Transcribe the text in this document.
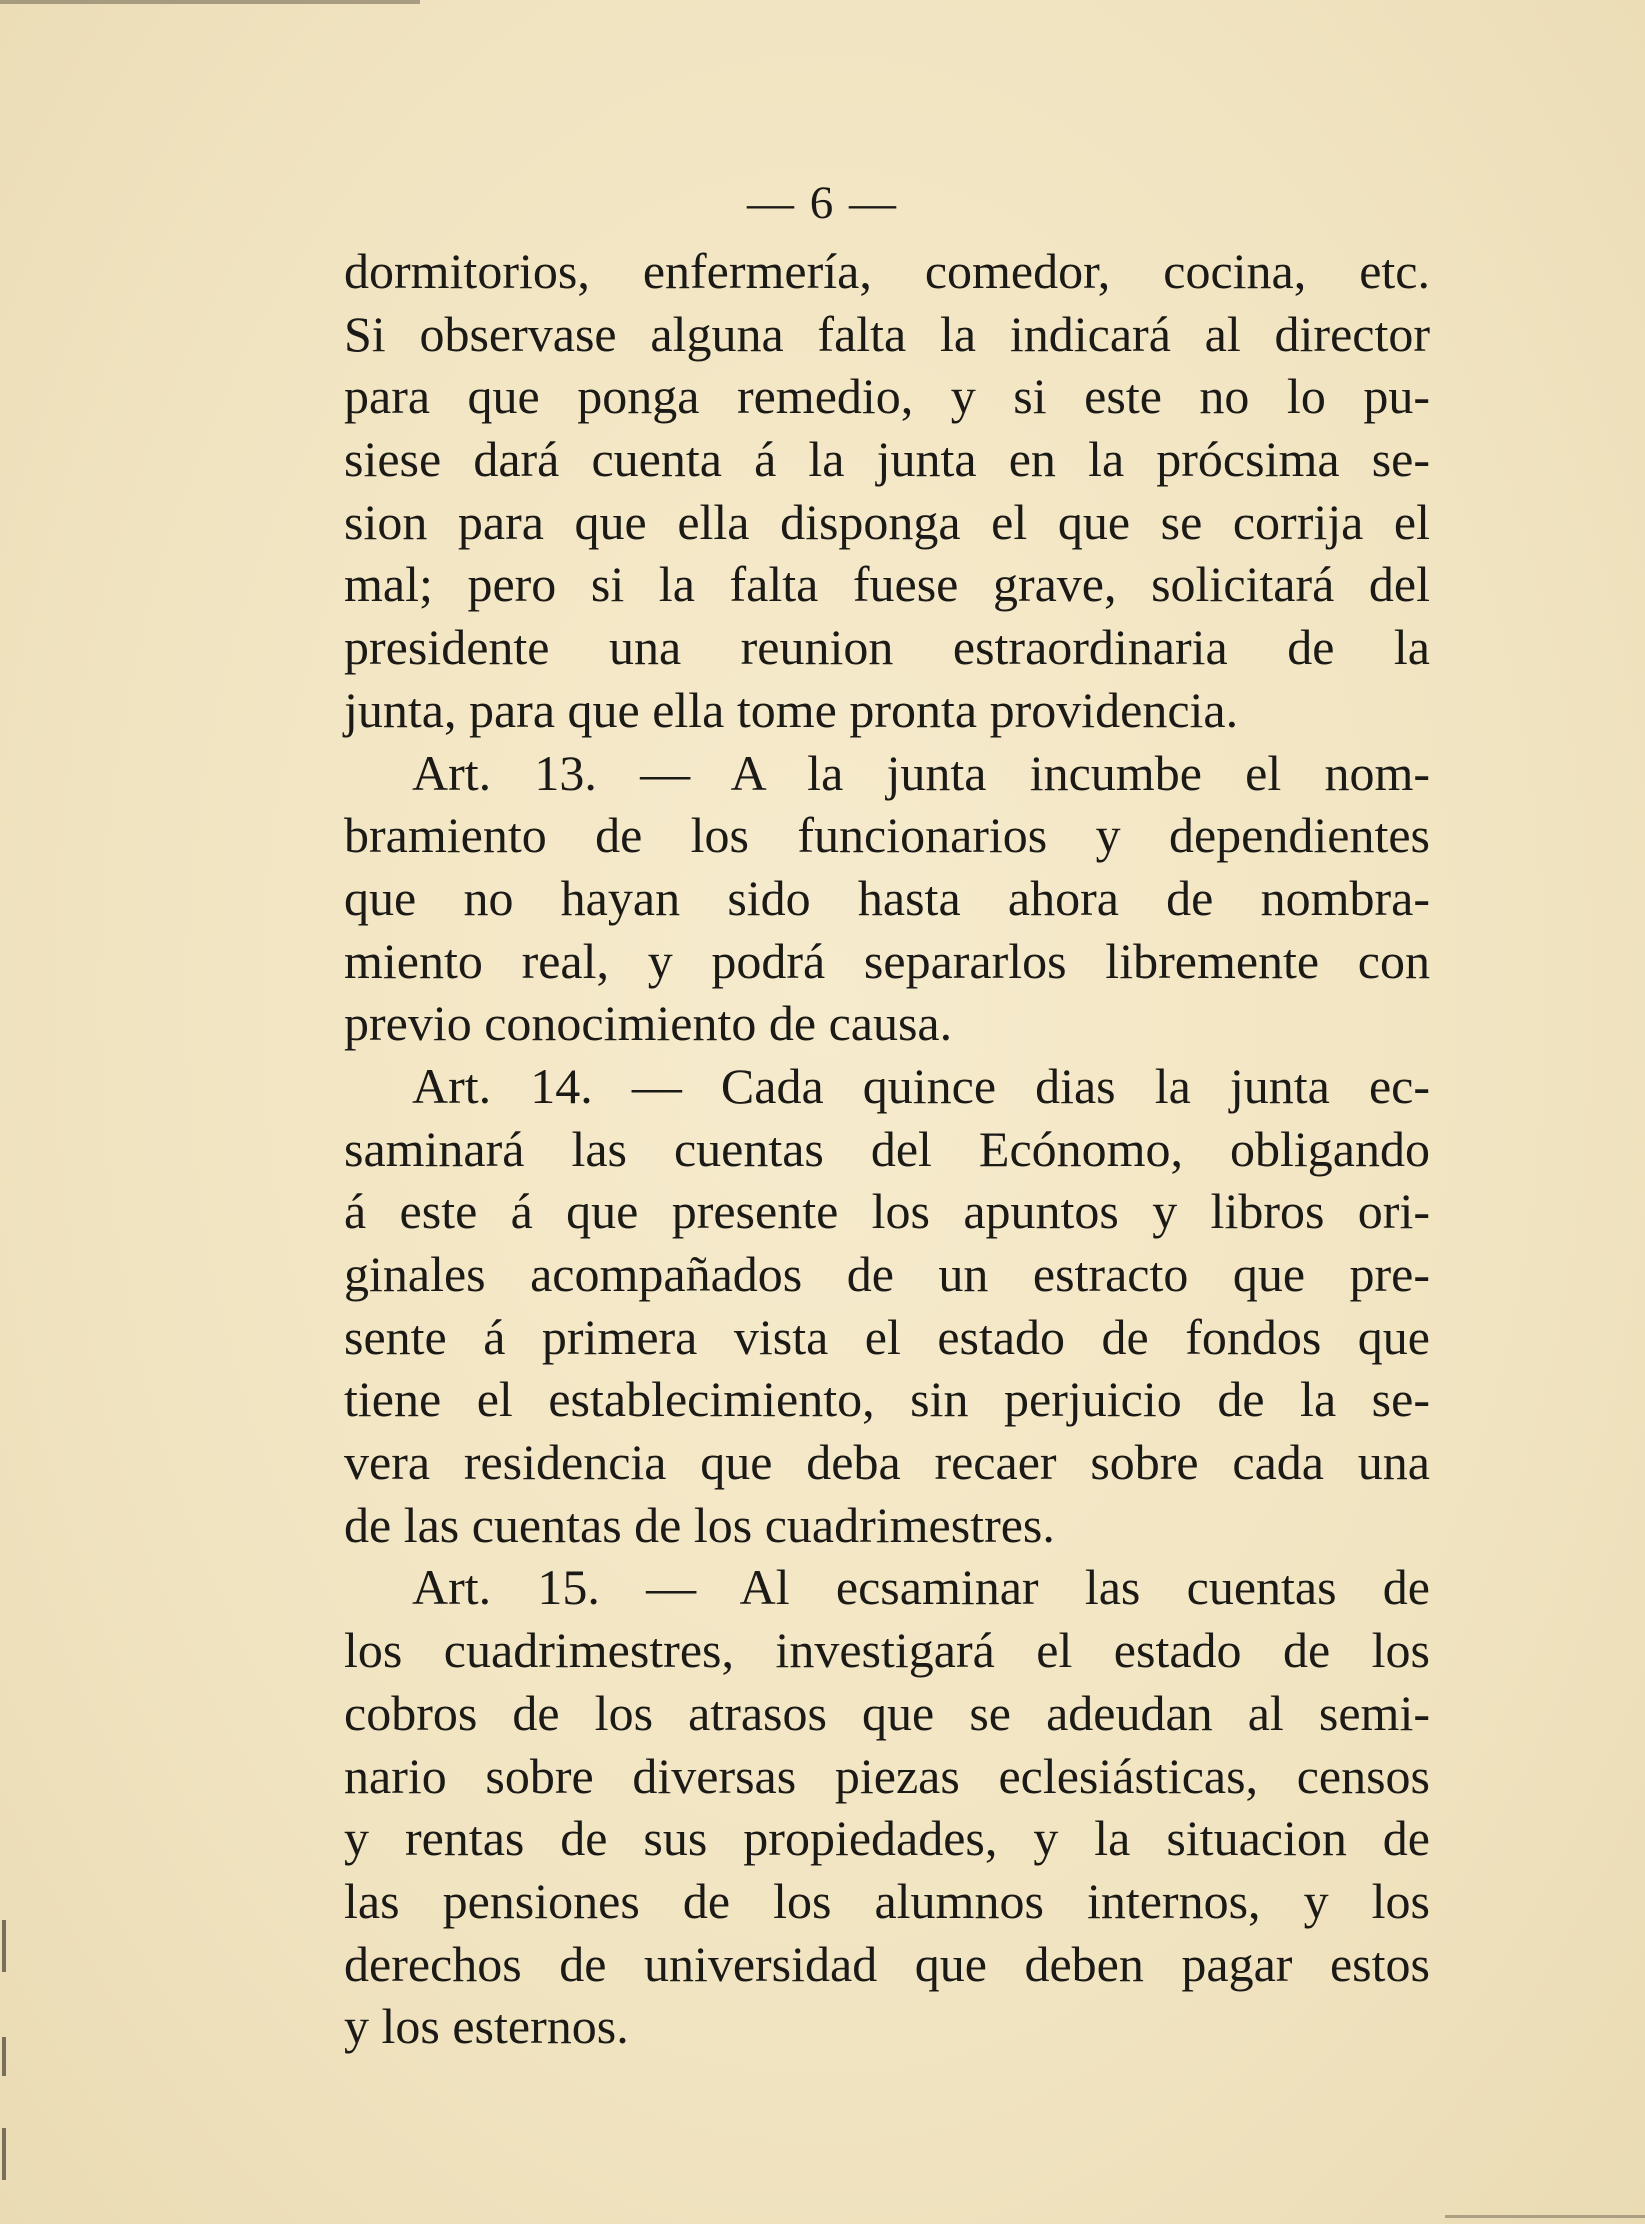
— 6 —
dormitorios, enfermería, comedor, cocina, etc.
Si observase alguna falta la indicará al director
para que ponga remedio, y si este no lo pu-
siese dará cuenta á la junta en la prócsima se-
sion para que ella disponga el que se corrija el
mal; pero si la falta fuese grave, solicitará del
presidente una reunion estraordinaria de la
junta, para que ella tome pronta providencia.
Art. 13. — A la junta incumbe el nom-
bramiento de los funcionarios y dependientes
que no hayan sido hasta ahora de nombra-
miento real, y podrá separarlos libremente con
previo conocimiento de causa.
Art. 14. — Cada quince dias la junta ec-
saminará las cuentas del Ecónomo, obligando
á este á que presente los apuntos y libros ori-
ginales acompañados de un estracto que pre-
sente á primera vista el estado de fondos que
tiene el establecimiento, sin perjuicio de la se-
vera residencia que deba recaer sobre cada una
de las cuentas de los cuadrimestres.
Art. 15. — Al ecsaminar las cuentas de
los cuadrimestres, investigará el estado de los
cobros de los atrasos que se adeudan al semi-
nario sobre diversas piezas eclesiásticas, censos
y rentas de sus propiedades, y la situacion de
las pensiones de los alumnos internos, y los
derechos de universidad que deben pagar estos
y los esternos.
